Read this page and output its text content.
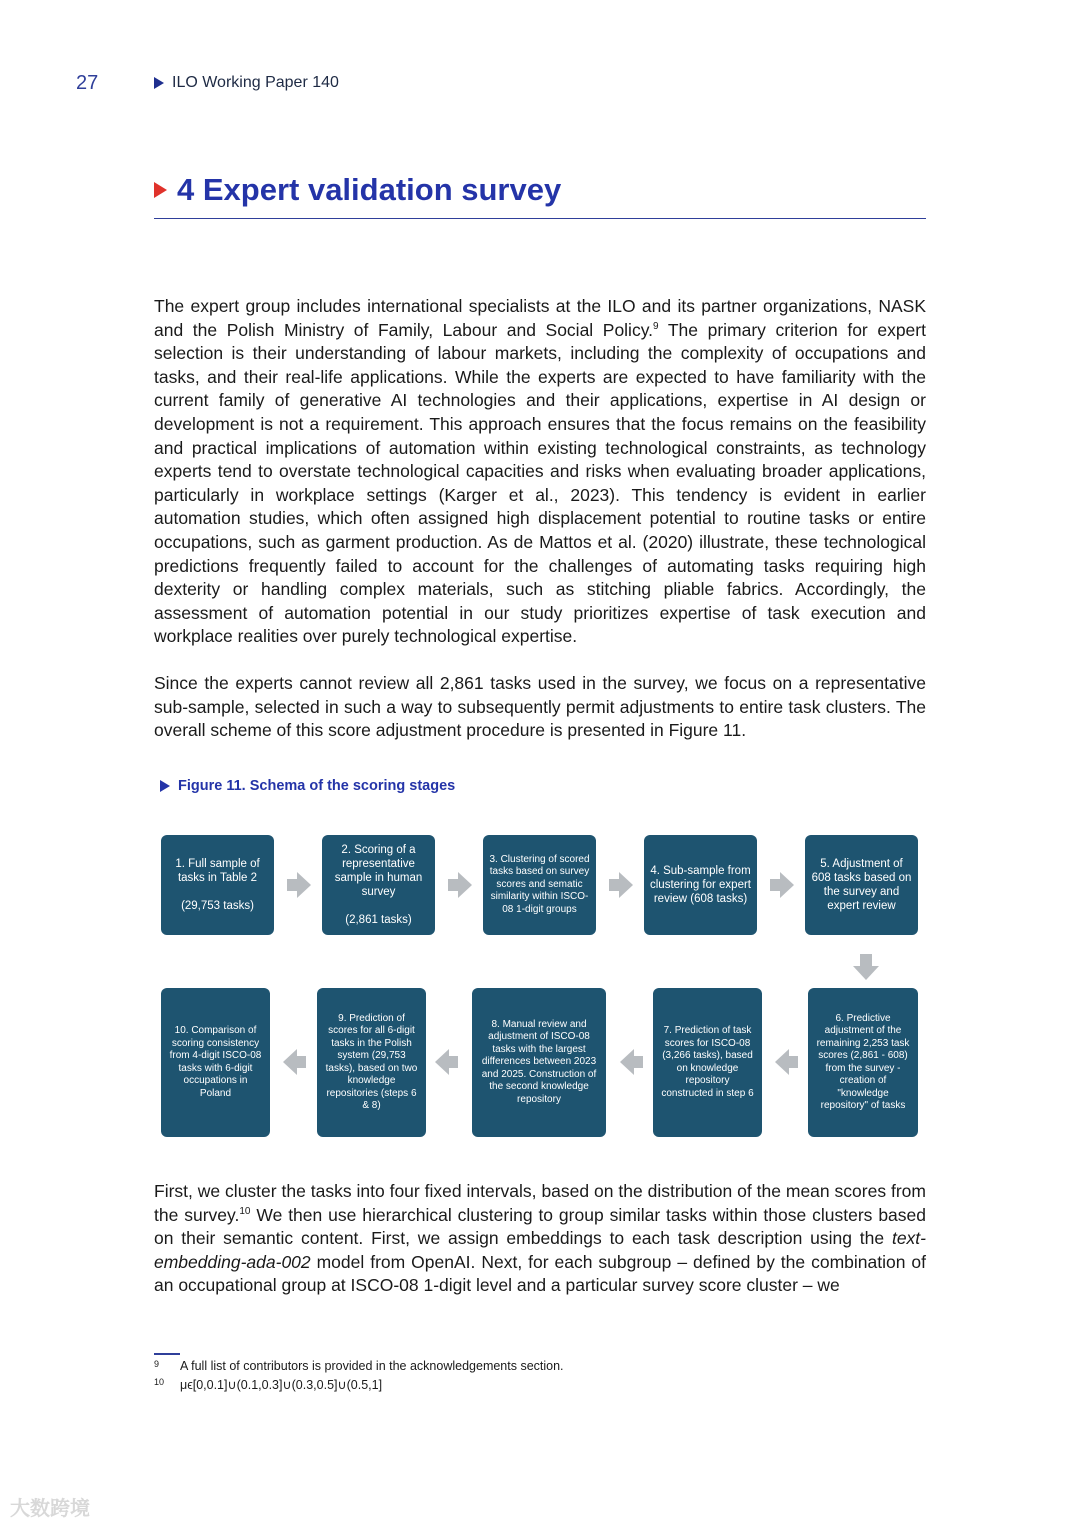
27	ILO Working Paper 140
4 Expert validation survey
The expert group includes international specialists at the ILO and its partner organizations, NASK and the Polish Ministry of Family, Labour and Social Policy.$^9$ The primary criterion for expert selection is their understanding of labour markets, including the complexity of occupations and tasks, and their real-life applications. While the experts are expected to have familiarity with the current family of generative AI technologies and their applications, expertise in AI design or development is not a requirement. This approach ensures that the focus remains on the feasibility and practical implications of automation within existing technological constraints, as technology experts tend to overstate technological capacities and risks when evaluating broader applications, particularly in workplace settings (Karger et al., 2023). This tendency is evident in earlier automation studies, which often assigned high displacement potential to routine tasks or entire occupations, such as garment production. As de Mattos et al. (2020) illustrate, these technological predictions frequently failed to account for the challenges of automating tasks requiring high dexterity or handling complex materials, such as stitching pliable fabrics. Accordingly, the assessment of automation potential in our study prioritizes expertise of task execution and workplace realities over purely technological expertise.
Since the experts cannot review all 2,861 tasks used in the survey, we focus on a representative sub-sample, selected in such a way to subsequently permit adjustments to entire task clusters. The overall scheme of this score adjustment procedure is presented in Figure 11.
Figure 11. Schema of the scoring stages
1. Full sample of tasks in Table 2

(29,753 tasks)
2. Scoring of a representative sample in human survey

(2,861 tasks)
3. Clustering of scored tasks based on survey scores and sematic similarity within ISCO-08 1-digit groups
4. Sub-sample from clustering for expert review (608 tasks)
5. Adjustment of 608 tasks based on the survey and expert review
10. Comparison of scoring consistency from 4-digit ISCO-08 tasks with 6-digit occupations in Poland
9. Prediction of scores for all 6-digit tasks in the Polish system (29,753 tasks), based on two knowledge repositories (steps 6 & 8)
8. Manual review and adjustment of ISCO-08 tasks with the largest differences between 2023 and 2025. Construction of the second knowledge repository
7. Prediction of task scores for ISCO-08 (3,266 tasks), based on knowledge repository constructed in step 6
6. Predictive adjustment of the remaining 2,253 task scores (2,861 - 608) from the survey - creation of "knowledge repository" of tasks
First, we cluster the tasks into four fixed intervals, based on the distribution of the mean scores from the survey.$^{10}$ We then use hierarchical clustering to group similar tasks within those clusters based on their semantic content. First, we assign embeddings to each task description using the text-embedding-ada-002 model from OpenAI. Next, for each subgroup – defined by the combination of an occupational group at ISCO-08 1-digit level and a particular survey score cluster – we
9	A full list of contributors is provided in the acknowledgements section.
10	μϵ[0,0.1]∪(0.1,0.3]∪(0.3,0.5]∪(0.5,1]
大数跨境
